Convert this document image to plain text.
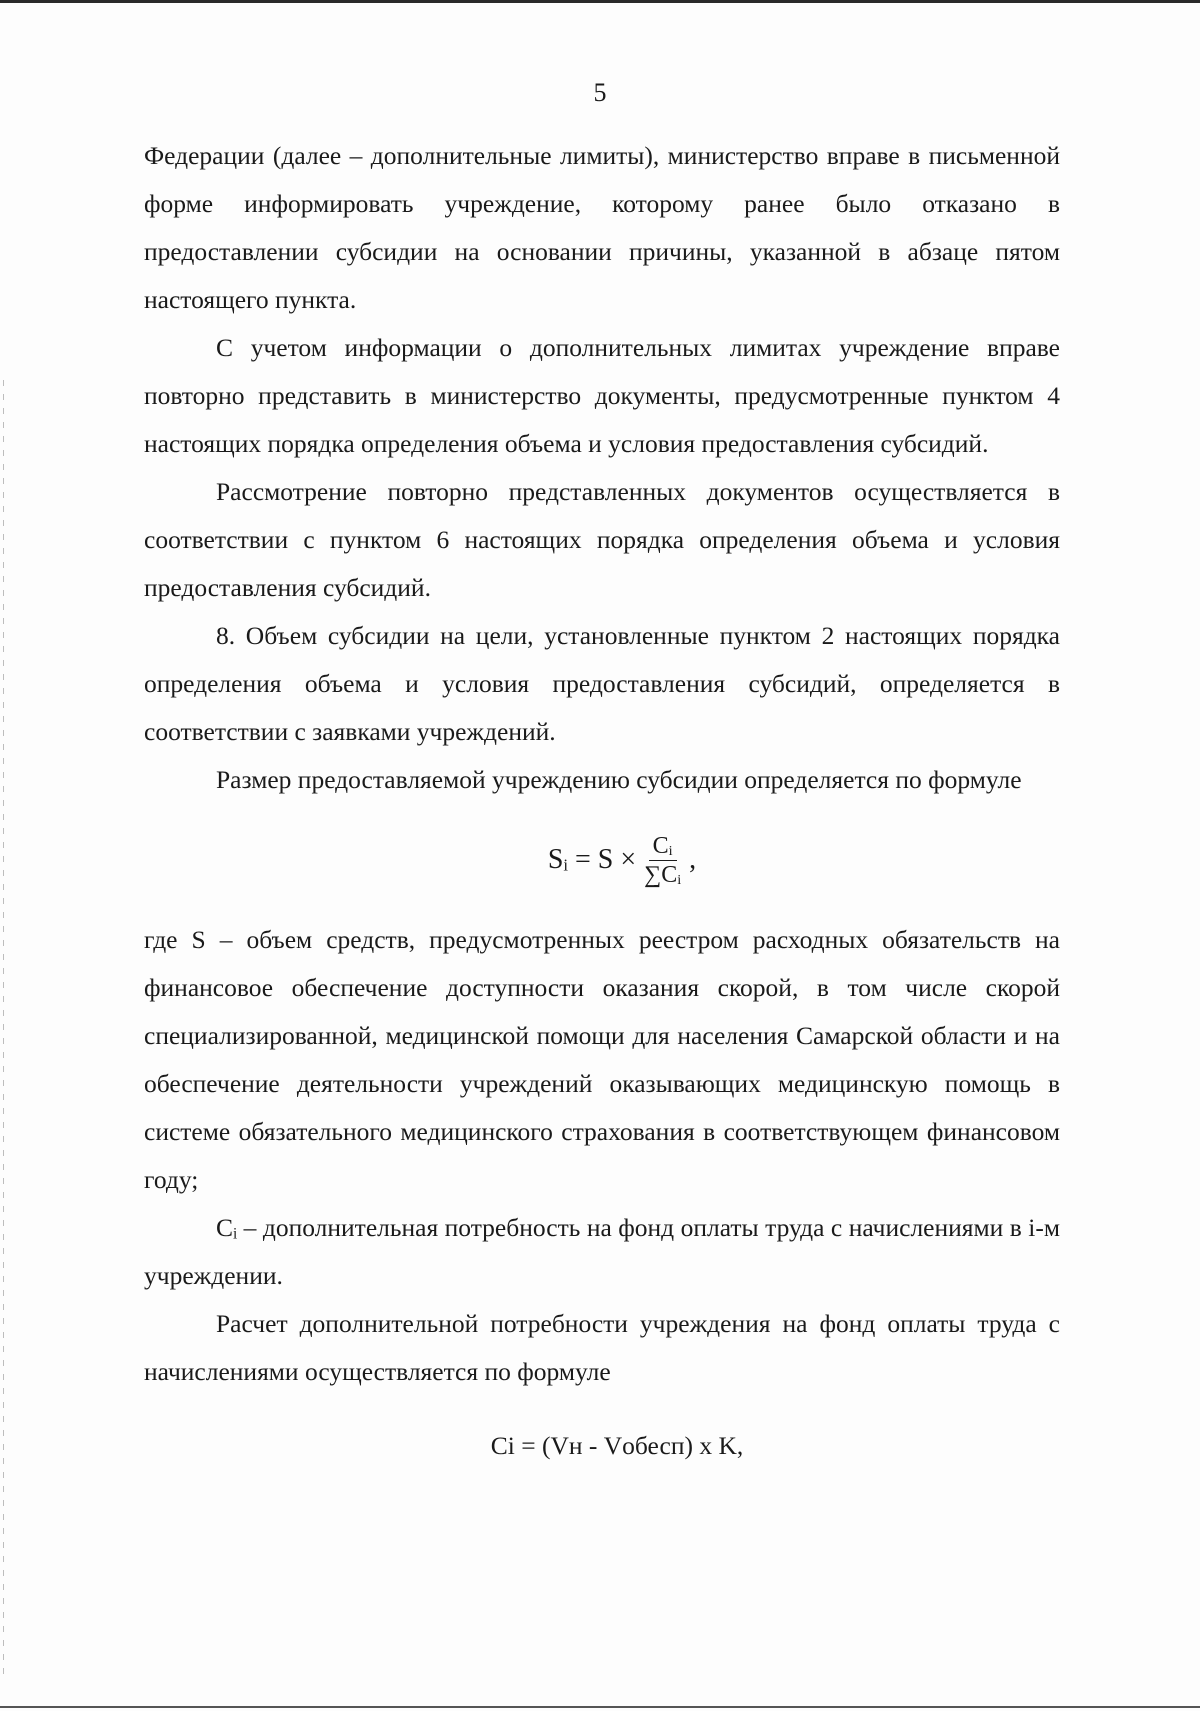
5

Федерации (далее – дополнительные лимиты), министерство вправе в письменной форме информировать учреждение, которому ранее было отказано в предоставлении субсидии на основании причины, указанной в абзаце пятом настоящего пункта.

С учетом информации о дополнительных лимитах учреждение вправе повторно представить в министерство документы, предусмотренные пунктом 4 настоящих порядка определения объема и условия предоставления субсидий.

Рассмотрение повторно представленных документов осуществляется в соответствии с пунктом 6 настоящих порядка определения объема и условия предоставления субсидий.

8. Объем субсидии на цели, установленные пунктом 2 настоящих порядка определения объема и условия предоставления субсидий, определяется в соответствии с заявками учреждений.

Размер предоставляемой учреждению субсидии определяется по формуле

Sᵢ = $S \times \frac{\text{Cᵢ}}{\text{∑Cᵢ}}$ ,

где S – объем средств, предусмотренных реестром расходных обязательств на финансовое обеспечение доступности оказания скорой, в том числе скорой специализированной, медицинской помощи для населения Самарской области и на обеспечение деятельности учреждений оказывающих медицинскую помощь в системе обязательного медицинского страхования в соответствующем финансовом году;

Cᵢ – дополнительная потребность на фонд оплаты труда с начислениями в i-м учреждении.

Расчет дополнительной потребности учреждения на фонд оплаты труда с начислениями осуществляется по формуле

Ci = (Vн - Vобесп) x K,
